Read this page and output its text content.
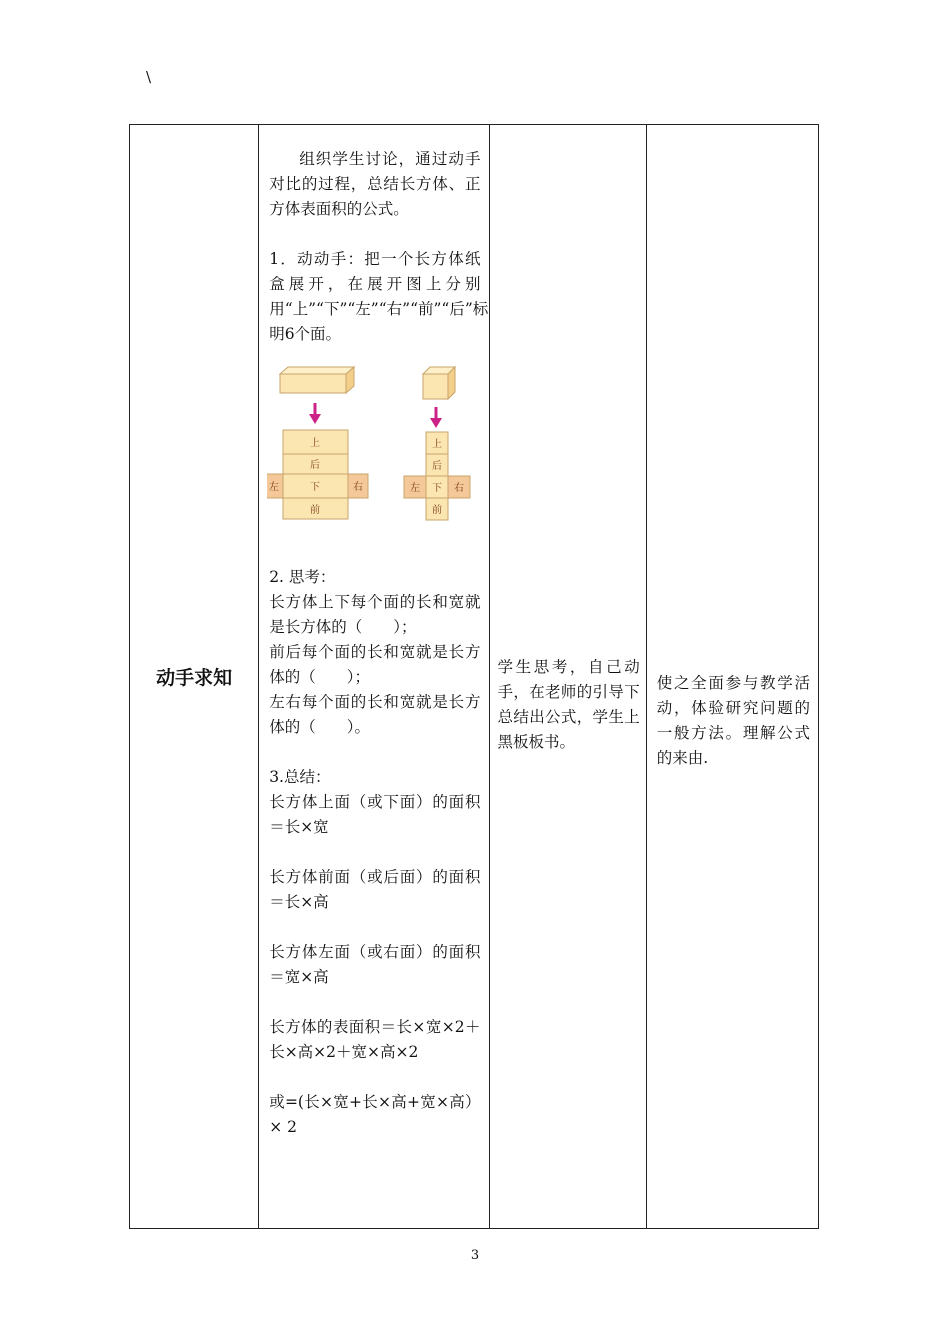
\
动手求知	

组织学生讨论，通过动手对比的过程，总结长方体、正方体表面积的公式。

1．动动手：把一个长方体纸盒展开，在展开图上分别用“上”“下”“左”“右”“前”“后”标明6个面。

上
后
下
前
左	右
上
后
下
前
左	右

2. 思考：

长方体上下每个面的长和宽就是长方体的（　　）；

前后每个面的长和宽就是长方体的（　　）；

左右每个面的长和宽就是长方体的（　　）。

3.总结：

长方体上面（或下面）的面积＝长×宽

长方体前面（或后面）的面积＝长×高

长方体左面（或右面）的面积＝宽×高

长方体的表面积＝长×宽×2＋长×高×2＋宽×高×2

或=(长×宽+长×高+宽×高）× 2

学生思考，自己动手，在老师的引导下总结出公式，学生上黑板板书。

使之全面参与教学活动，体验研究问题的一般方法。理解公式的来由.
3
